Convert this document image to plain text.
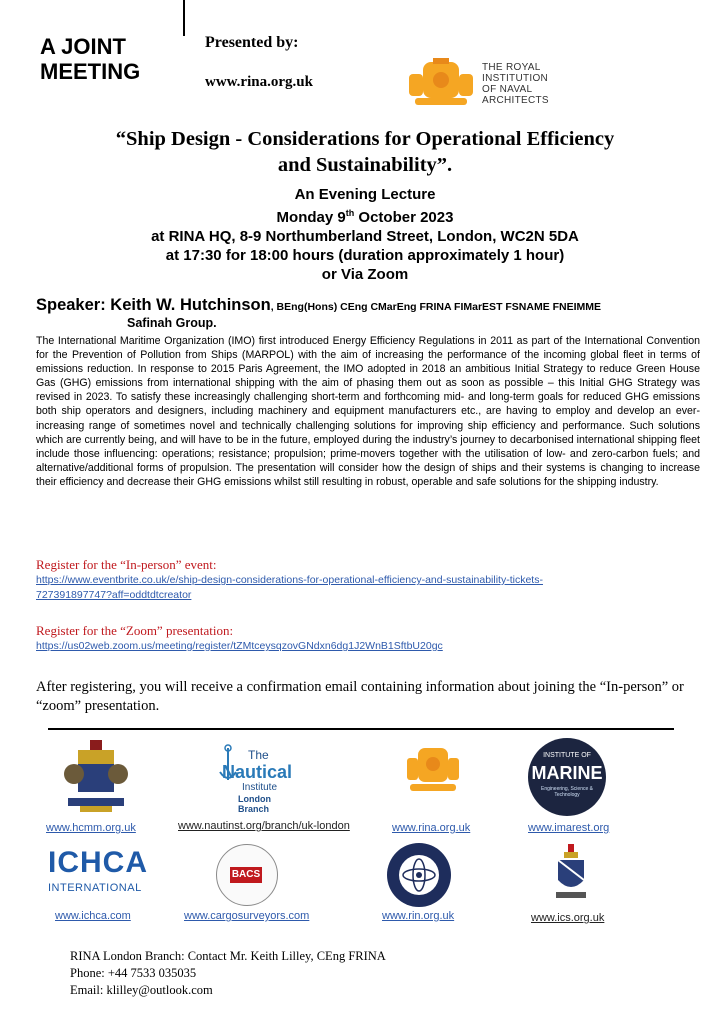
A JOINT
MEETING
Presented by:
www.rina.org.uk
THE ROYAL
INSTITUTION
OF NAVAL
ARCHITECTS
“Ship Design - Considerations for Operational Efficiency
and Sustainability”.
An Evening Lecture
Monday 9th October 2023
at RINA HQ, 8-9 Northumberland Street, London, WC2N 5DA
at 17:30 for 18:00 hours (duration approximately 1 hour)
or Via Zoom
Speaker: Keith W. Hutchinson, BEng(Hons) CEng CMarEng FRINA FIMarEST FSNAME FNEIMME
Safinah Group.
The International Maritime Organization (IMO) first introduced Energy Efficiency Regulations in 2011 as part of the International Convention for the Prevention of Pollution from Ships (MARPOL) with the aim of increasing the performance of the incoming global fleet in terms of emissions reduction. In response to 2015 Paris Agreement, the IMO adopted in 2018 an ambitious Initial Strategy to reduce Green House Gas (GHG) emissions from international shipping with the aim of phasing them out as soon as possible – this Initial GHG Strategy was revised in 2023. To satisfy these increasingly challenging short-term and forthcoming mid- and long-term goals for reduced GHG emissions both ship operators and designers, including machinery and equipment manufacturers etc., are having to employ and develop an ever-increasing range of sometimes novel and technically challenging solutions for improving ship efficiency and performance. Such solutions which are currently being, and will have to be in the future, employed during the industry’s journey to decarbonised international shipping fleet include those influencing: operations; resistance; propulsion; prime-movers together with the utilisation of low- and zero-carbon fuels; and alternative/additional forms of propulsion. The presentation will consider how the design of ships and their systems is changing to increase their efficiency and decrease their GHG emissions whilst still resulting in robust, operable and safe solutions for the shipping industry.
Register for the “In-person” event:
https://www.eventbrite.co.uk/e/ship-design-considerations-for-operational-efficiency-and-sustainability-tickets-
727391897747?aff=oddtdtcreator
Register for the “Zoom” presentation:
https://us02web.zoom.us/meeting/register/tZMtceysqzovGNdxn6dg1J2WnB1SftbU20gc
After registering, you will receive a confirmation email containing information about joining the “In-person” or “zoom” presentation.
The
Nautical
Institute
London Branch
INSTITUTE OF
MARINE
Engineering, Science & Technology
www.hcmm.org.uk	www.nautinst.org/branch/uk-london	www.rina.org.uk	www.imarest.org
ICHCA
INTERNATIONAL
BACS
www.ichca.com	www.cargosurveyors.com	www.rin.org.uk	www.ics.org.uk
RINA London Branch: Contact Mr. Keith Lilley, CEng FRINA
Phone: +44 7533 035035
Email: klilley@outlook.com
